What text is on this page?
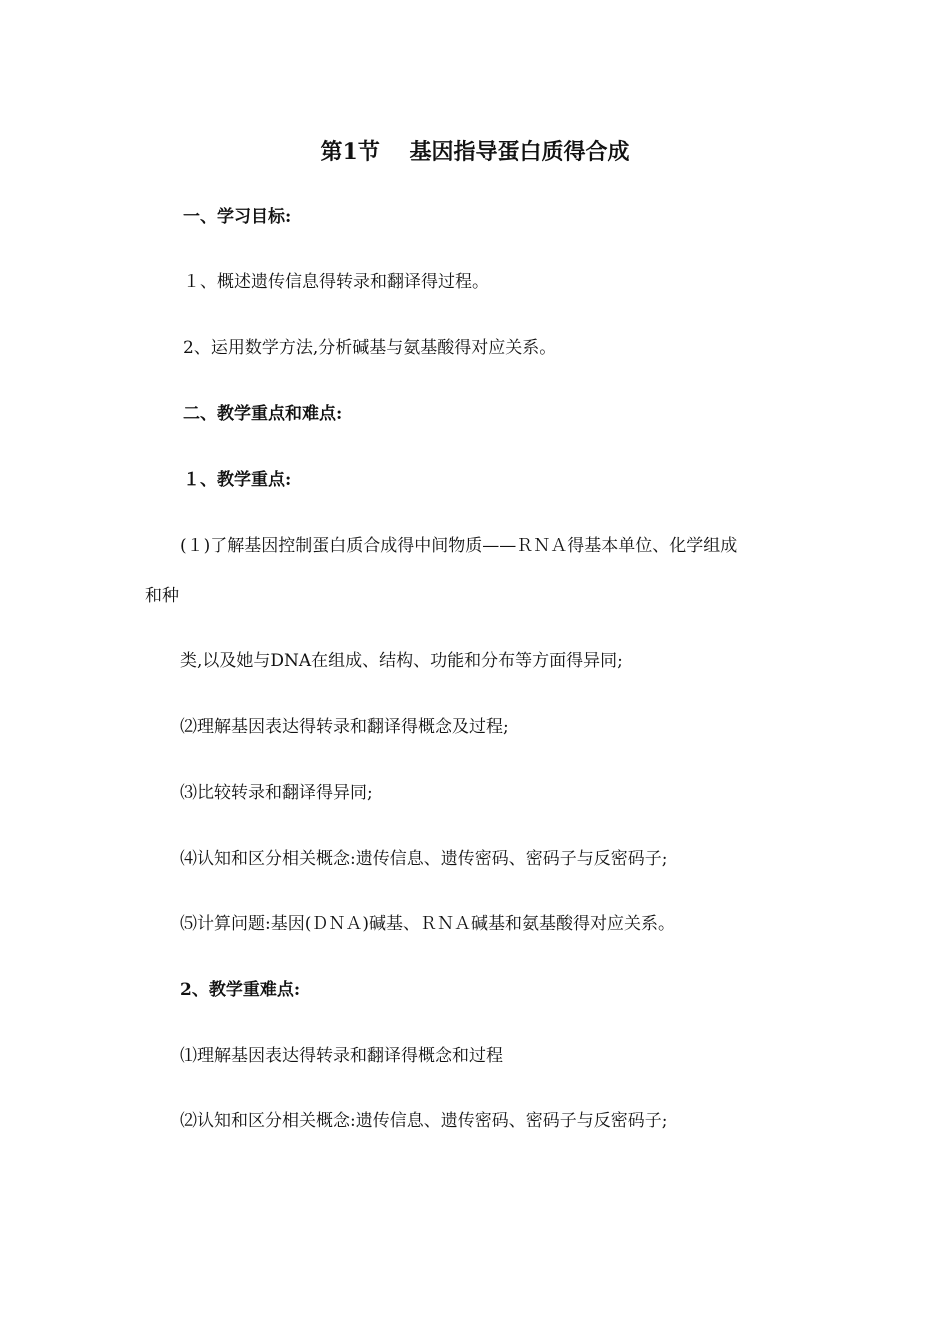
第1节　 基因指导蛋白质得合成
一、学习目标:
１、概述遗传信息得转录和翻译得过程。
2、运用数学方法,分析碱基与氨基酸得对应关系。
二、教学重点和难点:
１、教学重点:
(１)了解基因控制蛋白质合成得中间物质——ＲＮＡ得基本单位、化学组成
和种
类,以及她与DNA在组成、结构、功能和分布等方面得异同;
⑵理解基因表达得转录和翻译得概念及过程;
⑶比较转录和翻译得异同;
⑷认知和区分相关概念:遗传信息、遗传密码、密码子与反密码子;
⑸计算问题:基因(ＤＮＡ)碱基、ＲＮＡ碱基和氨基酸得对应关系。
2、教学重难点:
⑴理解基因表达得转录和翻译得概念和过程
⑵认知和区分相关概念:遗传信息、遗传密码、密码子与反密码子;
